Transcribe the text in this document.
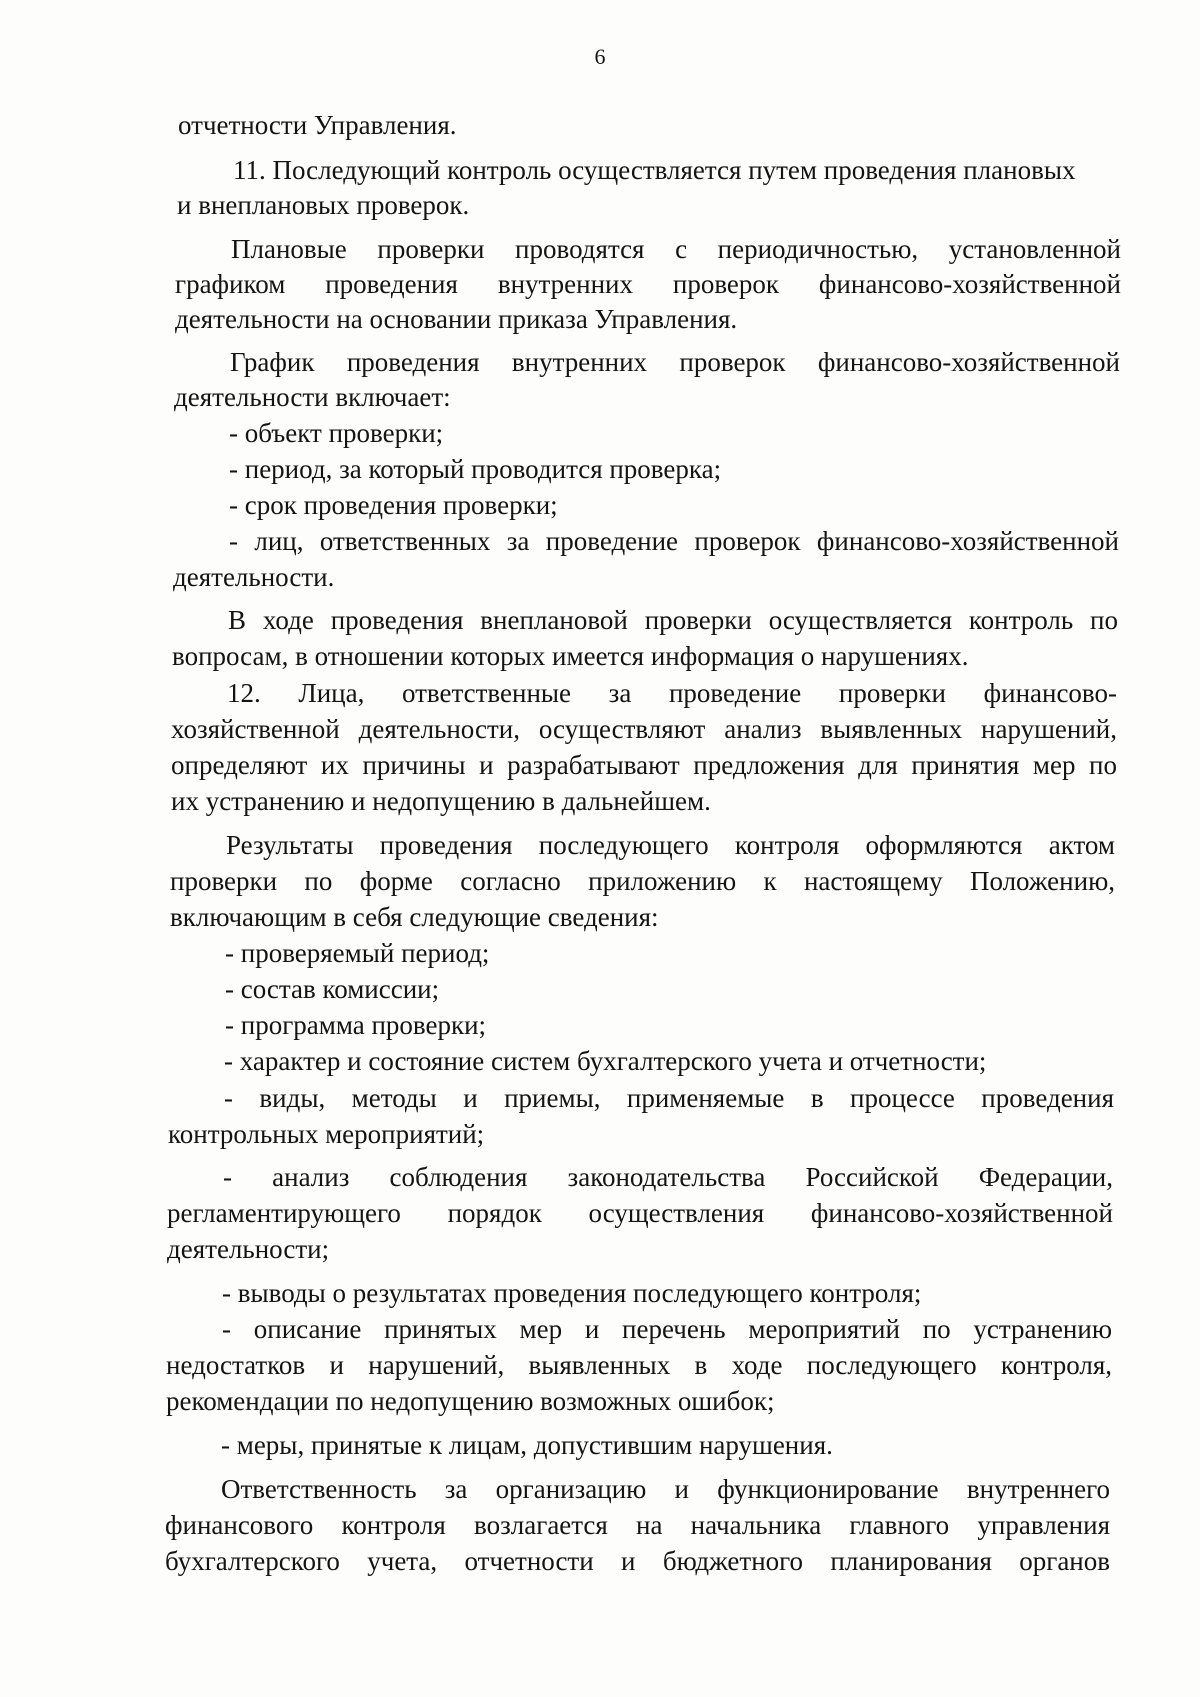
6
отчетности Управления.
11. Последующий контроль осуществляется путем проведения плановых
и внеплановых проверок.
Плановые проверки проводятся с периодичностью, установленной
графиком проведения внутренних проверок финансово-хозяйственной
деятельности на основании приказа Управления.
График проведения внутренних проверок финансово-хозяйственной
деятельности включает:
- объект проверки;
- период, за который проводится проверка;
- срок проведения проверки;
- лиц, ответственных за проведение проверок финансово-хозяйственной
деятельности.
В ходе проведения внеплановой проверки осуществляется контроль по
вопросам, в отношении которых имеется информация о нарушениях.
12. Лица, ответственные за проведение проверки финансово-
хозяйственной деятельности, осуществляют анализ выявленных нарушений,
определяют их причины и разрабатывают предложения для принятия мер по
их устранению и недопущению в дальнейшем.
Результаты проведения последующего контроля оформляются актом
проверки по форме согласно приложению к настоящему Положению,
включающим в себя следующие сведения:
- проверяемый период;
- состав комиссии;
- программа проверки;
- характер и состояние систем бухгалтерского учета и отчетности;
- виды, методы и приемы, применяемые в процессе проведения
контрольных мероприятий;
- анализ соблюдения законодательства Российской Федерации,
регламентирующего порядок осуществления финансово-хозяйственной
деятельности;
- выводы о результатах проведения последующего контроля;
- описание принятых мер и перечень мероприятий по устранению
недостатков и нарушений, выявленных в ходе последующего контроля,
рекомендации по недопущению возможных ошибок;
- меры, принятые к лицам, допустившим нарушения.
Ответственность за организацию и функционирование внутреннего
финансового контроля возлагается на начальника главного управления
бухгалтерского учета, отчетности и бюджетного планирования органов
